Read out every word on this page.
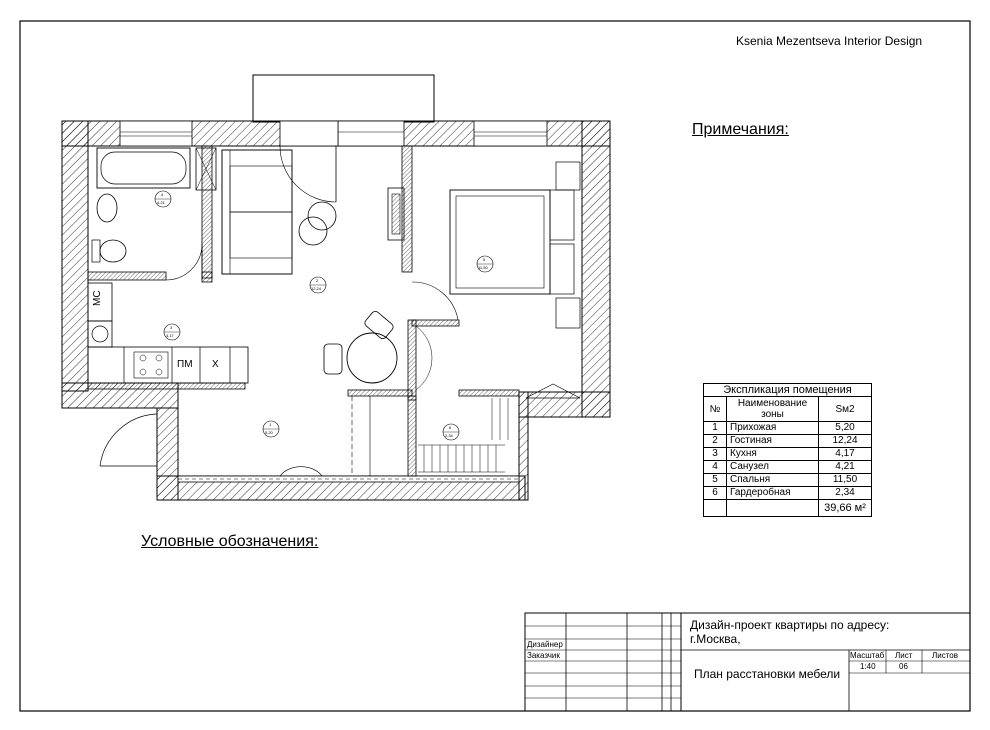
Ksenia Mezentseva Interior Design
Примечания:
Условные обозначения:
МС
ПМ Х
4
4,21
2
12,24
5
11,50
3
4,17
1
5,20
6
2,34
Экспликация помещения		
№	Наименование зоны	Sм2
1	Прихожая	5,20
2	Гостиная	12,24
3	Кухня	4,17
4	Санузел	4,21
5	Спальня	11,50
6	Гардеробная	2,34
		39,66 м²
Дизайнер
Заказчик
Дизайн-проект квартиры по адресу:
г.Москва,
План расстановки мебели
Масштаб Лист Листов
1:40	06
